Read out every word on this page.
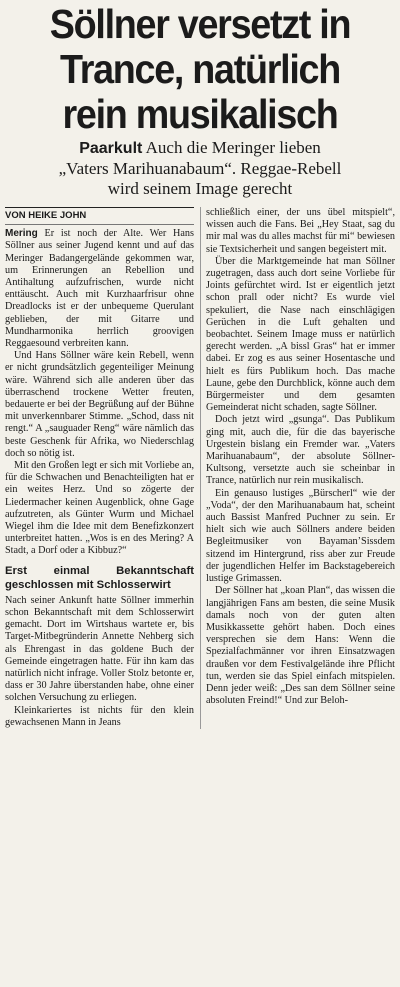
Söllner versetzt in
Trance, natürlich
rein musikalisch
Paarkult Auch die Meringer lieben
„Vaters Marihuanabaum“. Reggae-Rebell
wird seinem Image gerecht
VON HEIKE JOHN

Mering Er ist noch der Alte. Wer Hans Söllner aus seiner Jugend kennt und auf das Meringer Badangergelände gekommen war, um Erinnerungen an Rebellion und Antihaltung aufzufrischen, wurde nicht enttäuscht. Auch mit Kurzhaarfrisur ohne Dreadlocks ist er der unbequeme Querulant geblieben, der mit Gitarre und Mundharmonika herrlich groovigen Reggaesound verbreiten kann.

Und Hans Söllner wäre kein Rebell, wenn er nicht grundsätzlich gegenteiliger Meinung wäre. Während sich alle anderen über das überraschend trockene Wetter freuten, bedauerte er bei der Begrüßung auf der Bühne mit unverkennbarer Stimme. „Schod, dass nit rengt.“ A „sauguader Reng“ wäre nämlich das beste Geschenk für Afrika, wo Niederschlag doch so nötig ist.

Mit den Großen legt er sich mit Vorliebe an, für die Schwachen und Benachteiligten hat er ein weites Herz. Und so zögerte der Liedermacher keinen Augenblick, ohne Gage aufzutreten, als Günter Wurm und Michael Wiegel ihm die Idee mit dem Benefizkonzert unterbreitet hatten. „Wos is en des Mering? A Stadt, a Dorf oder a Kibbuz?“

Erst einmal Bekanntschaft geschlossen mit Schlosserwirt

Nach seiner Ankunft hatte Söllner immerhin schon Bekanntschaft mit dem Schlosserwirt gemacht. Dort im Wirtshaus wartete er, bis Target-Mitbegründerin Annette Nehberg sich als Ehrengast in das goldene Buch der Gemeinde eingetragen hatte. Für ihn kam das natürlich nicht infrage. Voller Stolz betonte er, dass er 30 Jahre überstanden habe, ohne einer solchen Versuchung zu erliegen.

Kleinkariertes ist nichts für den klein gewachsenen Mann in Jeans

schließlich einer, der uns übel mitspielt“, wissen auch die Fans. Bei „Hey Staat, sag du mir mal was du alles machst für mi“ bewiesen sie Textsicherheit und sangen begeistert mit.

Über die Marktgemeinde hat man Söllner zugetragen, dass auch dort seine Vorliebe für Joints gefürchtet wird. Ist er eigentlich jetzt schon prall oder nicht? Es wurde viel spekuliert, die Nase nach einschlägigen Gerüchen in die Luft gehalten und beobachtet. Seinem Image muss er natürlich gerecht werden. „A bissl Gras“ hat er immer dabei. Er zog es aus seiner Hosentasche und hielt es fürs Publikum hoch. Das mache Laune, gebe den Durchblick, könne auch dem Bürgermeister und dem gesamten Gemeinderat nicht schaden, sagte Söllner.

Doch jetzt wird „gsunga“. Das Publikum ging mit, auch die, für die das bayerische Urgestein bislang ein Fremder war. „Vaters Marihuanabaum“, der absolute Söllner-Kultsong, versetzte auch sie scheinbar in Trance, natürlich nur rein musikalisch.

Ein genauso lustiges „Bürscherl“ wie der „Voda“, der den Marihuanabaum hat, scheint auch Bassist Manfred Puchner zu sein. Er hielt sich wie auch Söllners andere beiden Begleitmusiker von Bayaman’Sissdem sitzend im Hintergrund, riss aber zur Freude der jugendlichen Helfer im Backstagebereich lustige Grimassen.

Der Söllner hat „koan Plan“, das wissen die langjährigen Fans am besten, die seine Musik damals noch von der guten alten Musikkassette gehört haben. Doch eines versprechen sie dem Hans: Wenn die Spezialfachmänner vor ihren Einsatzwagen draußen vor dem Festivalgelände ihre Pflicht tun, werden sie das Spiel einfach mitspielen. Denn jeder weiß: „Des san dem Söllner seine absoluten Freind!“ Und zur Beloh-
